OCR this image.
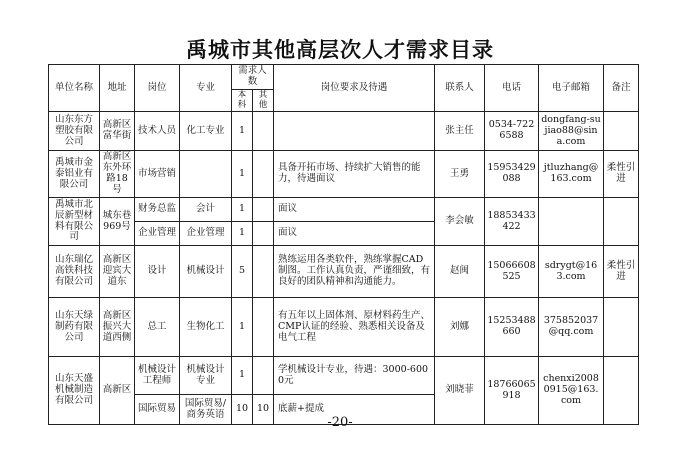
禹城市其他高层次人才需求目录
单位名称	地址	岗位	专业	需求人数		岗位要求及待遇	联系人	电话	电子邮箱	备注
				本科	其他					
山东东方塑胶有限公司	高新区富华街	技术人员	化工专业	1			张主任	0534-7226588	dongfang-sujiao88@sina.com	
禹城市金泰铝业有限公司	高新区东外环路18号	市场营销		1		具备开拓市场、持续扩大销售的能力，待遇面议	王勇	15953429088	jtluzhang@163.com	柔性引进
禹城市北辰新型材料有限公司	城东巷969号	财务总监	会计	1		面议	李会敏	18853433422		
		企业管理	企业管理	1		面议				
山东瑞亿高铁科技有限公司	高新区迎宾大道东	设计	机械设计	5		熟练运用各类软件，熟练掌握CAD制图。工作认真负责，严谨细致，有良好的团队精神和沟通能力。	赵闽	15066608525	sdrygt@163.com	柔性引进
山东天绿制药有限公司	高新区振兴大道西侧	总工	生物化工	1		有五年以上固体剂、原材料药生产、CMP认证的经验、熟悉相关设备及电气工程	刘娜	15253488660	375852037@qq.com	
山东天盛机械制造有限公司	高新区	机械设计工程师	机械设计专业	1		学机械设计专业，待遇：3000-6000元	刘晓菲	18766065918	chenxi20080915@163.com	
		国际贸易	国际贸易/商务英语	10	10	底薪+提成				
-20-
